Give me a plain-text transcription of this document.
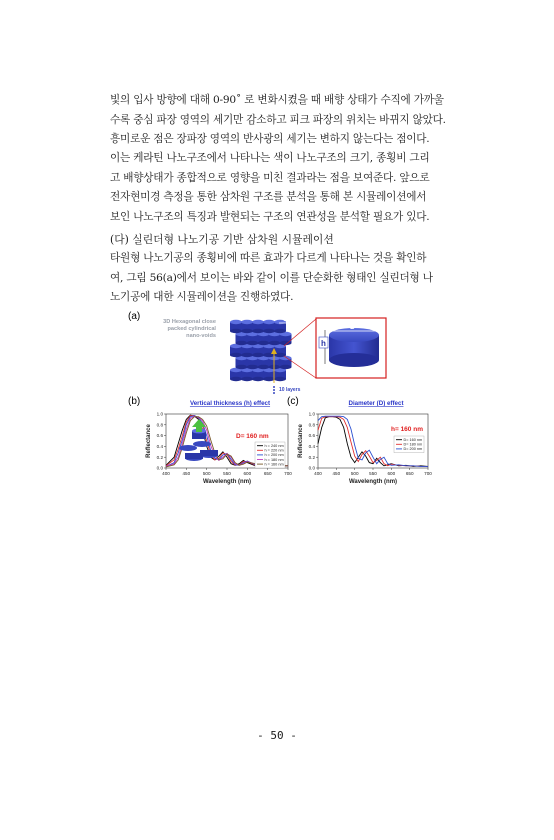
빛의 입사 방향에 대해 0-90˚ 로 변화시켰을 때 배향 상태가 수직에 가까울
수록 중심 파장 영역의 세기만 감소하고 피크 파장의 위치는 바뀌지 않았다.
흥미로운 점은 장파장 영역의 반사광의 세기는 변하지 않는다는 점이다.
이는 케라틴 나노구조에서 나타나는 색이 나노구조의 크기, 종횡비 그리
고 배향상태가 종합적으로 영향을 미친 결과라는 점을 보여준다. 앞으로
전자현미경 측정을 통한 삼차원 구조를 분석을 통해 본 시뮬레이션에서
보인 나노구조의 특징과 발현되는 구조의 연관성을 분석할 필요가 있다.
(다) 실린더형 나노기공 기반 삼차원 시뮬레이션
타원형 나노기공의 종횡비에 따른 효과가 다르게 나타나는 것을 확인하
여, 그림 56(a)에서 보이는 바와 같이 이를 단순화한 형태인 실린더형 나
노기공에 대한 시뮬레이션을 진행하였다.
(a)	3D Hexagonal close
packed cylindrical
nano-voids
200 nm
D
h
10 layers
(b)	Vertical thickness (h) effect (c)	Diameter (D) effect
400	450	500	550	600	650	700
0.0
0.2
0.4
0.6
0.8
1.0
Wavelength (nm)
Reflectance	h = 240 nm
h = 220 nm
h = 200 nm
h = 180 nm
h = 160 nm
400 450 500 550 600 650 700
0.0
0.2
0.4
0.6
0.8
1.0
Wavelength (nm)
Reflectance	D= 160 nm
D= 180 nm
D= 200 nm
D= 160 nm
h= 160 nm
- 50 -
